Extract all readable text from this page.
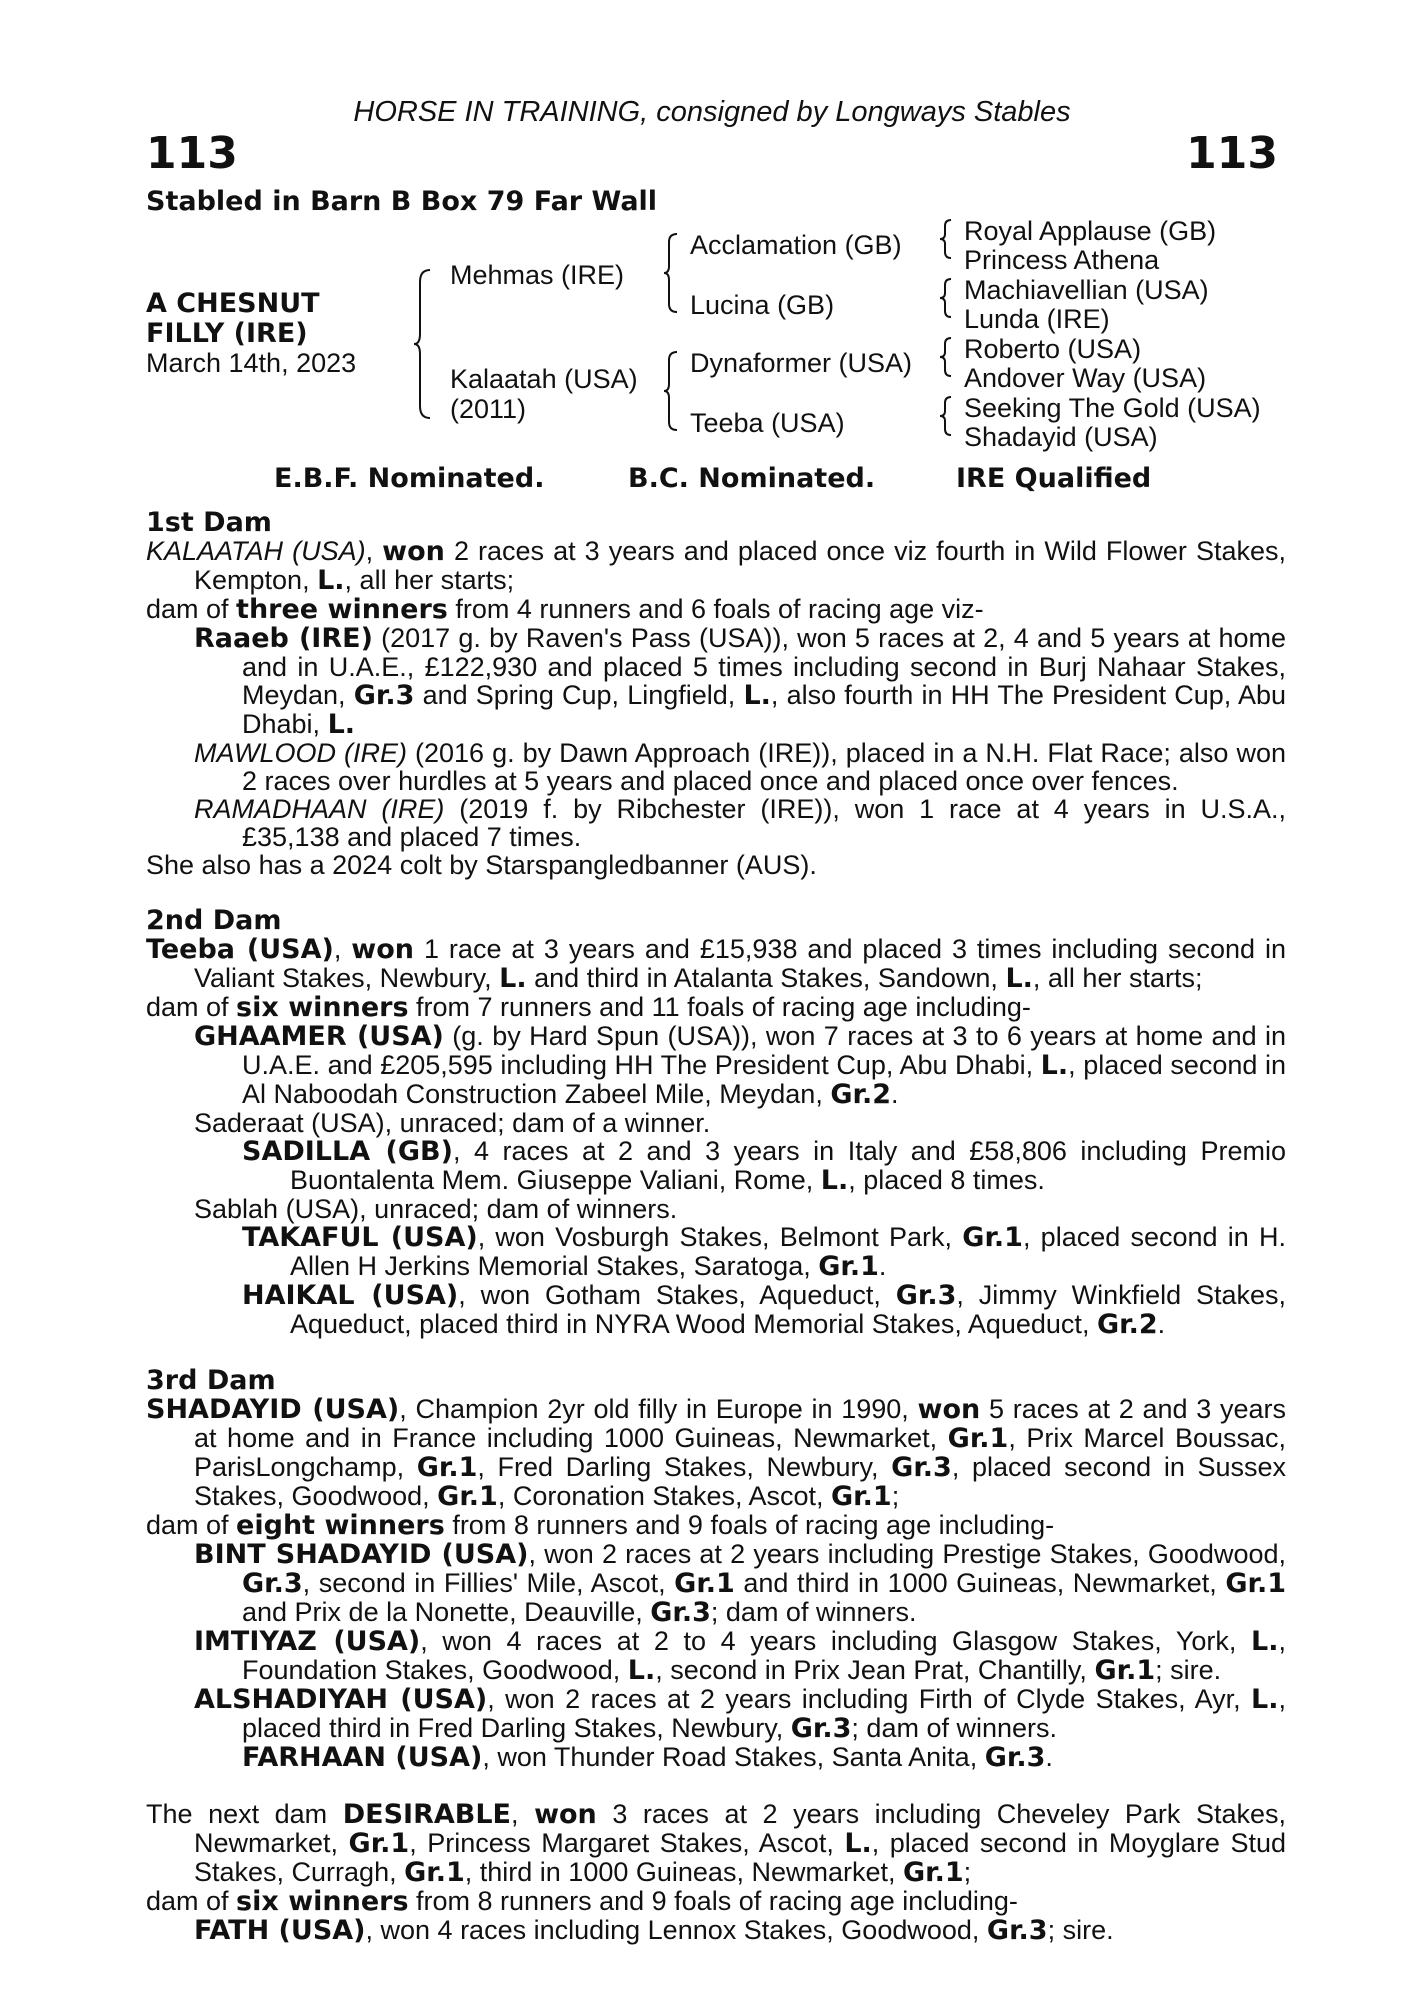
HORSE IN TRAINING, consigned by Longways Stables
113	113
Stabled in Barn B Box 79 Far Wall
A CHESNUT
FILLY (IRE)
March 14th, 2023
Mehmas (IRE)
Kalaatah (USA)
(2011)
Acclamation (GB)
Lucina (GB)
Dynaformer (USA)
Teeba (USA)
Royal Applause (GB)
Princess Athena
Machiavellian (USA)
Lunda (IRE)
Roberto (USA)
Andover Way (USA)
Seeking The Gold (USA)
Shadayid (USA)
E.B.F. Nominated.	B.C. Nominated.	IRE Qualified
1st Dam
KALAATAH (USA), won 2 races at 3 years and placed once viz fourth in Wild Flower Stakes, Kempton, L., all her starts;
dam of three winners from 4 runners and 6 foals of racing age viz-
Raaeb (IRE) (2017 g. by Raven's Pass (USA)), won 5 races at 2, 4 and 5 years at home and in U.A.E., £122,930 and placed 5 times including second in Burj Nahaar Stakes, Meydan, Gr.3 and Spring Cup, Lingfield, L., also fourth in HH The President Cup, Abu Dhabi, L.
MAWLOOD (IRE) (2016 g. by Dawn Approach (IRE)), placed in a N.H. Flat Race; also won 2 races over hurdles at 5 years and placed once and placed once over fences.
RAMADHAAN (IRE) (2019 f. by Ribchester (IRE)), won 1 race at 4 years in U.S.A., £35,138 and placed 7 times.
She also has a 2024 colt by Starspangledbanner (AUS).
2nd Dam
Teeba (USA), won 1 race at 3 years and £15,938 and placed 3 times including second in Valiant Stakes, Newbury, L. and third in Atalanta Stakes, Sandown, L., all her starts;
dam of six winners from 7 runners and 11 foals of racing age including-
GHAAMER (USA) (g. by Hard Spun (USA)), won 7 races at 3 to 6 years at home and in U.A.E. and £205,595 including HH The President Cup, Abu Dhabi, L., placed second in Al Naboodah Construction Zabeel Mile, Meydan, Gr.2.
Saderaat (USA), unraced; dam of a winner.
SADILLA (GB), 4 races at 2 and 3 years in Italy and £58,806 including Premio Buontalenta Mem. Giuseppe Valiani, Rome, L., placed 8 times.
Sablah (USA), unraced; dam of winners.
TAKAFUL (USA), won Vosburgh Stakes, Belmont Park, Gr.1, placed second in H. Allen H Jerkins Memorial Stakes, Saratoga, Gr.1.
HAIKAL (USA), won Gotham Stakes, Aqueduct, Gr.3, Jimmy Winkfield Stakes, Aqueduct, placed third in NYRA Wood Memorial Stakes, Aqueduct, Gr.2.
3rd Dam
SHADAYID (USA), Champion 2yr old filly in Europe in 1990, won 5 races at 2 and 3 years at home and in France including 1000 Guineas, Newmarket, Gr.1, Prix Marcel Boussac, ParisLongchamp, Gr.1, Fred Darling Stakes, Newbury, Gr.3, placed second in Sussex Stakes, Goodwood, Gr.1, Coronation Stakes, Ascot, Gr.1;
dam of eight winners from 8 runners and 9 foals of racing age including-
BINT SHADAYID (USA), won 2 races at 2 years including Prestige Stakes, Goodwood, Gr.3, second in Fillies' Mile, Ascot, Gr.1 and third in 1000 Guineas, Newmarket, Gr.1 and Prix de la Nonette, Deauville, Gr.3; dam of winners.
IMTIYAZ (USA), won 4 races at 2 to 4 years including Glasgow Stakes, York, L., Foundation Stakes, Goodwood, L., second in Prix Jean Prat, Chantilly, Gr.1; sire.
ALSHADIYAH (USA), won 2 races at 2 years including Firth of Clyde Stakes, Ayr, L., placed third in Fred Darling Stakes, Newbury, Gr.3; dam of winners.
FARHAAN (USA), won Thunder Road Stakes, Santa Anita, Gr.3.
The next dam DESIRABLE, won 3 races at 2 years including Cheveley Park Stakes, Newmarket, Gr.1, Princess Margaret Stakes, Ascot, L., placed second in Moyglare Stud Stakes, Curragh, Gr.1, third in 1000 Guineas, Newmarket, Gr.1;
dam of six winners from 8 runners and 9 foals of racing age including-
FATH (USA), won 4 races including Lennox Stakes, Goodwood, Gr.3; sire.
